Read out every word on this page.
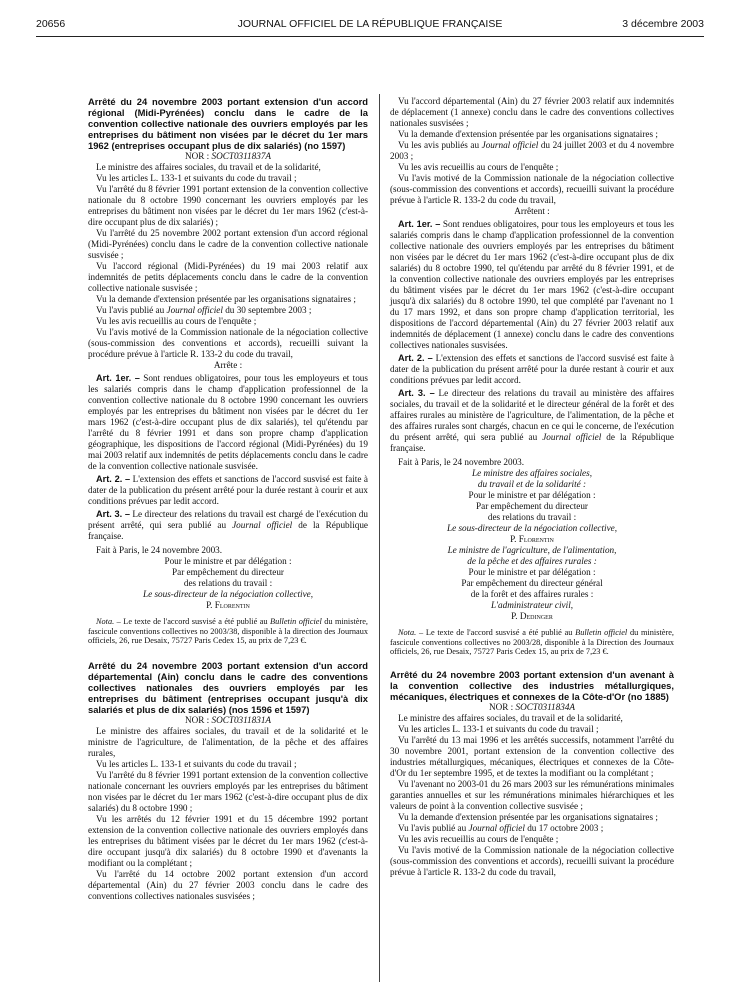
20656	JOURNAL OFFICIEL DE LA RÉPUBLIQUE FRANÇAISE	3 décembre 2003

Arrêté du 24 novembre 2003 portant extension d'un accord régional (Midi-Pyrénées) conclu dans le cadre de la convention collective nationale des ouvriers employés par les entreprises du bâtiment non visées par le décret du 1er mars 1962 (entreprises occupant plus de dix salariés) (no 1597)

NOR : SOCT0311837A

Le ministre des affaires sociales, du travail et de la solidarité,

Vu les articles L. 133-1 et suivants du code du travail ;

Vu l'arrêté du 8 février 1991 portant extension de la convention collective nationale du 8 octobre 1990 concernant les ouvriers employés par les entreprises du bâtiment non visées par le décret du 1er mars 1962 (c'est-à-dire occupant plus de dix salariés) ;

Vu l'arrêté du 25 novembre 2002 portant extension d'un accord régional (Midi-Pyrénées) conclu dans le cadre de la convention collective nationale susvisée ;

Vu l'accord régional (Midi-Pyrénées) du 19 mai 2003 relatif aux indemnités de petits déplacements conclu dans le cadre de la convention collective nationale susvisée ;

Vu la demande d'extension présentée par les organisations signataires ;

Vu l'avis publié au Journal officiel du 30 septembre 2003 ;

Vu les avis recueillis au cours de l'enquête ;

Vu l'avis motivé de la Commission nationale de la négociation collective (sous-commission des conventions et accords), recueilli suivant la procédure prévue à l'article R. 133-2 du code du travail,

Arrête :

Art. 1er. – Sont rendues obligatoires, pour tous les employeurs et tous les salariés compris dans le champ d'application professionnel de la convention collective nationale du 8 octobre 1990 concernant les ouvriers employés par les entreprises du bâtiment non visées par le décret du 1er mars 1962 (c'est-à-dire occupant plus de dix salariés), tel qu'étendu par l'arrêté du 8 février 1991 et dans son propre champ d'application géographique, les dispositions de l'accord régional (Midi-Pyrénées) du 19 mai 2003 relatif aux indemnités de petits déplacements conclu dans le cadre de la convention collective nationale susvisée.

Art. 2. – L'extension des effets et sanctions de l'accord susvisé est faite à dater de la publication du présent arrêté pour la durée restant à courir et aux conditions prévues par ledit accord.

Art. 3. – Le directeur des relations du travail est chargé de l'exécution du présent arrêté, qui sera publié au Journal officiel de la République française.

Fait à Paris, le 24 novembre 2003.

Pour le ministre et par délégation :

Par empêchement du directeur

des relations du travail :

Le sous-directeur de la négociation collective,

P. Florentin

Nota. – Le texte de l'accord susvisé a été publié au Bulletin officiel du ministère, fascicule conventions collectives no 2003/38, disponible à la direction des Journaux officiels, 26, rue Desaix, 75727 Paris Cedex 15, au prix de 7,23 €.

Arrêté du 24 novembre 2003 portant extension d'un accord départemental (Ain) conclu dans le cadre des conventions collectives nationales des ouvriers employés par les entreprises du bâtiment (entreprises occupant jusqu'à dix salariés et plus de dix salariés) (nos 1596 et 1597)

NOR : SOCT0311831A

Le ministre des affaires sociales, du travail et de la solidarité et le ministre de l'agriculture, de l'alimentation, de la pêche et des affaires rurales,

Vu les articles L. 133-1 et suivants du code du travail ;

Vu l'arrêté du 8 février 1991 portant extension de la convention collective nationale concernant les ouvriers employés par les entreprises du bâtiment non visées par le décret du 1er mars 1962 (c'est-à-dire occupant plus de dix salariés) du 8 octobre 1990 ;

Vu les arrêtés du 12 février 1991 et du 15 décembre 1992 portant extension de la convention collective nationale des ouvriers employés dans les entreprises du bâtiment visées par le décret du 1er mars 1962 (c'est-à-dire occupant jusqu'à dix salariés) du 8 octobre 1990 et d'avenants la modifiant ou la complétant ;

Vu l'arrêté du 14 octobre 2002 portant extension d'un accord départemental (Ain) du 27 février 2003 conclu dans le cadre des conventions collectives nationales susvisées ;

Vu l'accord départemental (Ain) du 27 février 2003 relatif aux indemnités de déplacement (1 annexe) conclu dans le cadre des conventions collectives nationales susvisées ;

Vu la demande d'extension présentée par les organisations signataires ;

Vu les avis publiés au Journal officiel du 24 juillet 2003 et du 4 novembre 2003 ;

Vu les avis recueillis au cours de l'enquête ;

Vu l'avis motivé de la Commission nationale de la négociation collective (sous-commission des conventions et accords), recueilli suivant la procédure prévue à l'article R. 133-2 du code du travail,

Arrêtent :

Art. 1er. – Sont rendues obligatoires, pour tous les employeurs et tous les salariés compris dans le champ d'application professionnel de la convention collective nationale des ouvriers employés par les entreprises du bâtiment non visées par le décret du 1er mars 1962 (c'est-à-dire occupant plus de dix salariés) du 8 octobre 1990, tel qu'étendu par arrêté du 8 février 1991, et de la convention collective nationale des ouvriers employés par les entreprises du bâtiment visées par le décret du 1er mars 1962 (c'est-à-dire occupant jusqu'à dix salariés) du 8 octobre 1990, tel que complété par l'avenant no 1 du 17 mars 1992, et dans son propre champ d'application territorial, les dispositions de l'accord départemental (Ain) du 27 février 2003 relatif aux indemnités de déplacement (1 annexe) conclu dans le cadre des conventions collectives nationales susvisées.

Art. 2. – L'extension des effets et sanctions de l'accord susvisé est faite à dater de la publication du présent arrêté pour la durée restant à courir et aux conditions prévues par ledit accord.

Art. 3. – Le directeur des relations du travail au ministère des affaires sociales, du travail et de la solidarité et le directeur général de la forêt et des affaires rurales au ministère de l'agriculture, de l'alimentation, de la pêche et des affaires rurales sont chargés, chacun en ce qui le concerne, de l'exécution du présent arrêté, qui sera publié au Journal officiel de la République française.

Fait à Paris, le 24 novembre 2003.

Le ministre des affaires sociales,

du travail et de la solidarité :

Pour le ministre et par délégation :

Par empêchement du directeur

des relations du travail :

Le sous-directeur de la négociation collective,

P. Florentin

Le ministre de l'agriculture, de l'alimentation,

de la pêche et des affaires rurales :

Pour le ministre et par délégation :

Par empêchement du directeur général

de la forêt et des affaires rurales :

L'administrateur civil,

P. Dedinger

Nota. – Le texte de l'accord susvisé a été publié au Bulletin officiel du ministère, fascicule conventions collectives no 2003/28, disponible à la Direction des Journaux officiels, 26, rue Desaix, 75727 Paris Cedex 15, au prix de 7,23 €.

Arrêté du 24 novembre 2003 portant extension d'un avenant à la convention collective des industries métallurgiques, mécaniques, électriques et connexes de la Côte-d'Or (no 1885)

NOR : SOCT0311834A

Le ministre des affaires sociales, du travail et de la solidarité,

Vu les articles L. 133-1 et suivants du code du travail ;

Vu l'arrêté du 13 mai 1996 et les arrêtés successifs, notamment l'arrêté du 30 novembre 2001, portant extension de la convention collective des industries métallurgiques, mécaniques, électriques et connexes de la Côte-d'Or du 1er septembre 1995, et de textes la modifiant ou la complétant ;

Vu l'avenant no 2003-01 du 26 mars 2003 sur les rémunérations minimales garanties annuelles et sur les rémunérations minimales hiérarchiques et les valeurs de point à la convention collective susvisée ;

Vu la demande d'extension présentée par les organisations signataires ;

Vu l'avis publié au Journal officiel du 17 octobre 2003 ;

Vu les avis recueillis au cours de l'enquête ;

Vu l'avis motivé de la Commission nationale de la négociation collective (sous-commission des conventions et accords), recueilli suivant la procédure prévue à l'article R. 133-2 du code du travail,
